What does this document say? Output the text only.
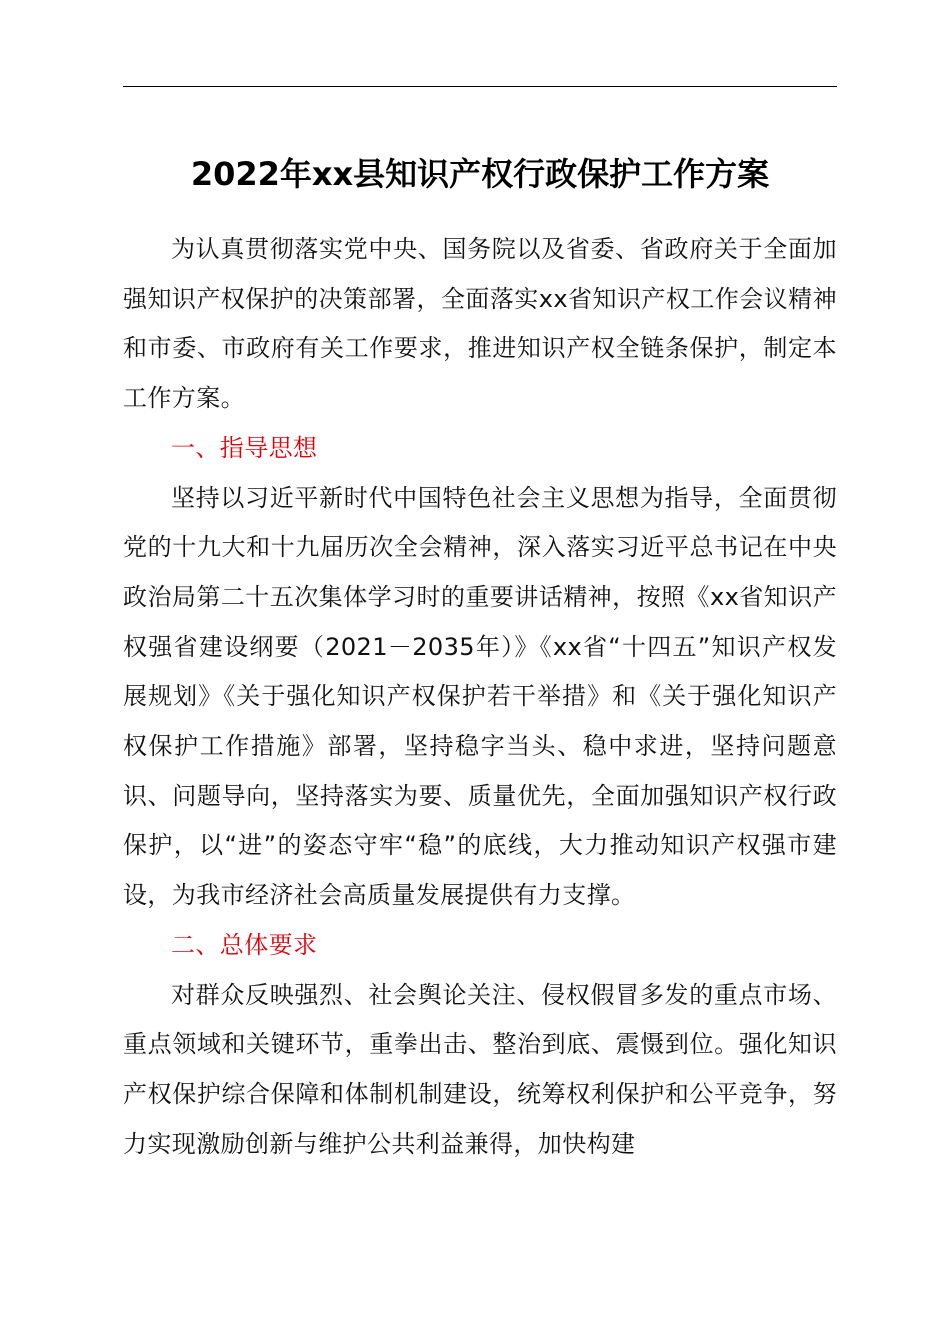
2022年xx县知识产权行政保护工作方案

为认真贯彻落实党中央、国务院以及省委、省政府关于全面加强知识产权保护的决策部署，全面落实xx省知识产权工作会议精神和市委、市政府有关工作要求，推进知识产权全链条保护，制定本工作方案。

一、指导思想

坚持以习近平新时代中国特色社会主义思想为指导，全面贯彻党的十九大和十九届历次全会精神，深入落实习近平总书记在中央政治局第二十五次集体学习时的重要讲话精神，按照《xx省知识产权强省建设纲要（2021－2035年）》《xx省“十四五”知识产权发展规划》《关于强化知识产权保护若干举措》和《关于强化知识产权保护工作措施》部署，坚持稳字当头、稳中求进，坚持问题意识、问题导向，坚持落实为要、质量优先，全面加强知识产权行政保护，以“进”的姿态守牢“稳”的底线，大力推动知识产权强市建设，为我市经济社会高质量发展提供有力支撑。

二、总体要求

对群众反映强烈、社会舆论关注、侵权假冒多发的重点市场、重点领域和关键环节，重拳出击、整治到底、震慑到位。强化知识产权保护综合保障和体制机制建设，统筹权利保护和公平竞争，努力实现激励创新与维护公共利益兼得，加快构建
